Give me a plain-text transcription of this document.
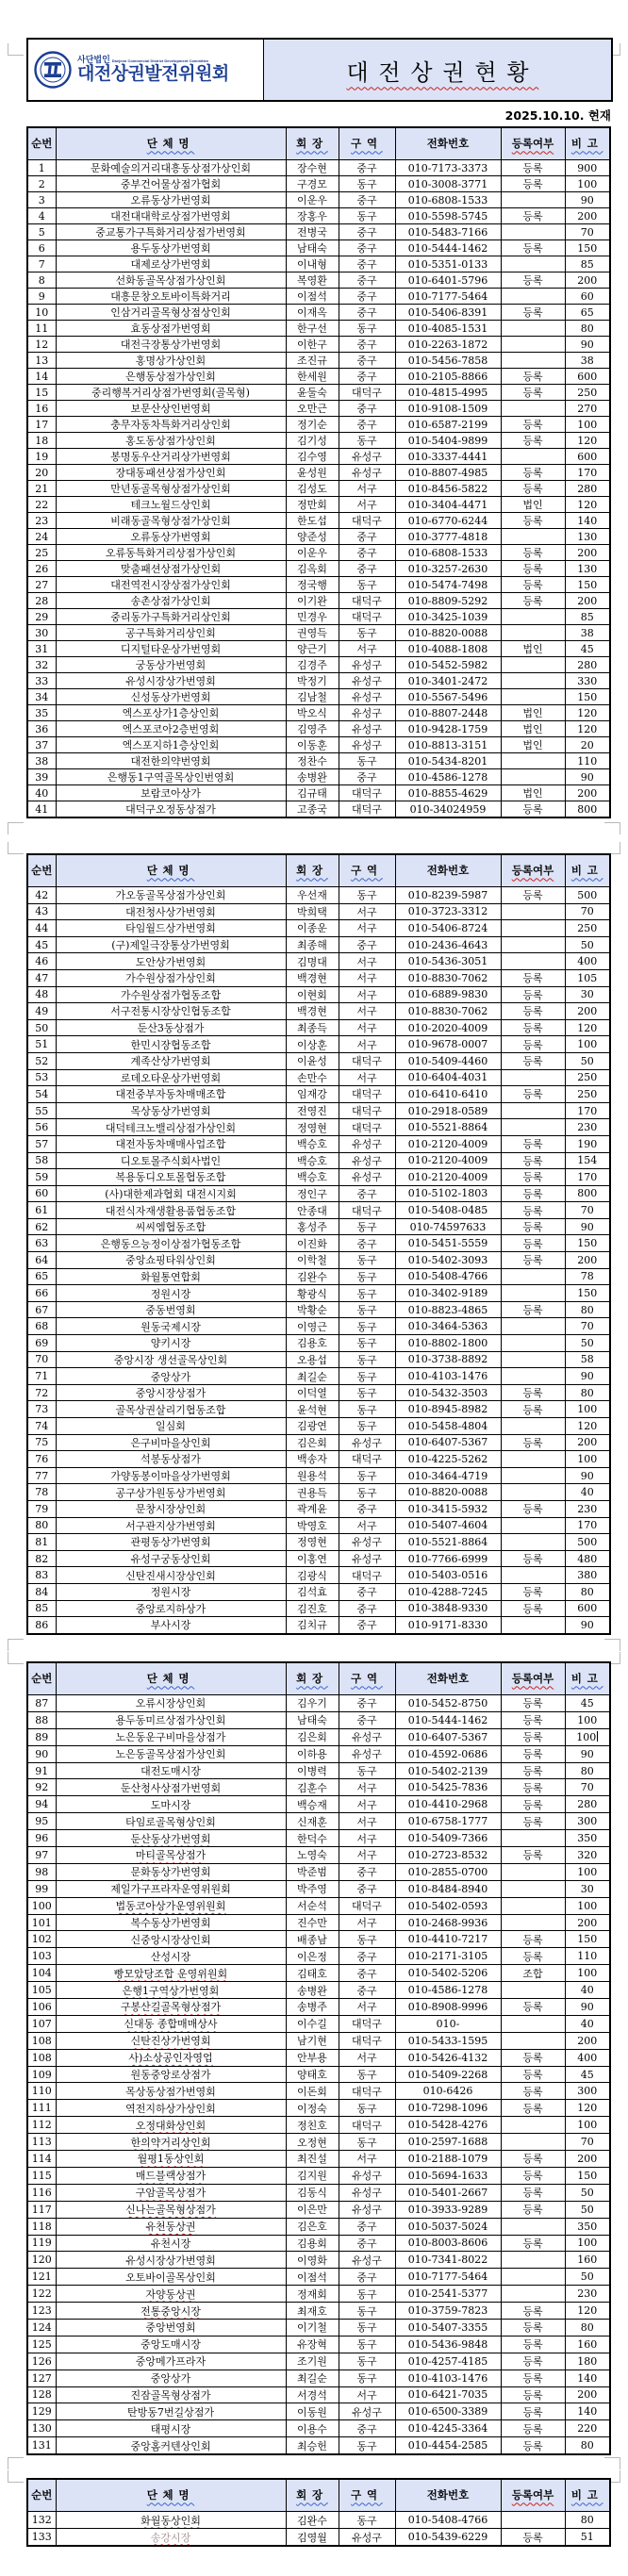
사단법인 Daejeon Commercial District Development Committee
대전상권발전위원회	대전상권현황
2025.10.10. 현재
순번	단체명	회장	구역	전화번호	등록여부	비고
1	문화예술의거리대흥동상점가상인회	장수현	중구	010-7173-3373	등록	900
2	중부건어물상점가협회	구경모	동구	010-3008-3771	등록	100
3	오류동상가번영회	이운우	중구	010-6808-1533		90
4	대전대대학로상점가번영회	장홍우	동구	010-5598-5745	등록	200
5	중교통가구특화거리상점가번영회	전병국	중구	010-5483-7166		70
6	용두동상가번영회	남태숙	중구	010-5444-1462	등록	150
7	대제로상가번영회	이내형	중구	010-5351-0133		85
8	선화동골목상점가상인회	복영환	중구	010-6401-5796	등록	200
9	대흥문창오토바이특화거리	이점석	중구	010-7177-5464		60
10	인삼거리골목형상점상인회	이재옥	중구	010-5406-8391	등록	65
11	효동상점가번영회	한구선	동구	010-4085-1531		80
12	대전극장통상가번영회	이한구	중구	010-2263-1872		90
13	홍명상가상인회	조진규	중구	010-5456-7858		38
14	은행동상점가상인회	한세원	중구	010-2105-8866	등록	600
15	중리행복거리상점가번영회(골목형)	윤둘숙	대덕구	010-4815-4995	등록	250
16	보문산상인번영회	오만근	중구	010-9108-1509		270
17	충무자동차특화거리상인회	정기순	중구	010-6587-2199	등록	100
18	홍도동상점가상인회	김기성	동구	010-5404-9899	등록	120
19	봉명동우산거리상가번영회	김수영	유성구	010-3337-4441		600
20	장대동패션상점가상인회	윤성원	유성구	010-8807-4985	등록	170
21	만년동골목형상점가상인회	김성도	서구	010-8456-5822	등록	280
22	테크노월드상인회	정만회	서구	010-3404-4471	법인	120
23	비래동골목형상점가상인회	한도섭	대덕구	010-6770-6244	등록	140
24	오류동상가번영회	양준성	중구	010-3777-4818		130
25	오류동특화거리상점가상인회	이운우	중구	010-6808-1533	등록	200
26	맞춤패션상점가상인회	김옥회	중구	010-3257-2630	등록	130
27	대전역전시장상점가상인회	정국행	동구	010-5474-7498	등록	150
28	송촌상점가상인회	이기완	대덕구	010-8809-5292	등록	200
29	중리동가구특화거리상인회	민경우	대덕구	010-3425-1039		85
30	공구특화거리상인회	권영득	동구	010-8820-0088		38
31	디지털타운상가번영회	양근기	서구	010-4088-1808	법인	45
32	궁동상가번영회	김경주	유성구	010-5452-5982		280
33	유성시장상가번영회	박정기	유성구	010-3401-2472		330
34	신성동상가번영회	김남철	유성구	010-5567-5496		150
35	엑스포상가1층상인회	박오식	유성구	010-8807-2448	법인	120
36	엑스포코아2층번영회	김영주	유성구	010-9428-1759	법인	120
37	엑스포지하1층상인회	이동훈	유성구	010-8813-3151	법인	20
38	대전한의약번영회	정찬수	동구	010-5434-8201		110
39	은행동1구역골목상인번영회	송병완	중구	010-4586-1278		90
40	보람코아상가	김규태	대덕구	010-8855-4629	법인	200
41	대덕구오정동상점가	고종국	대덕구	010-34024959	등록	800
순번	단체명	회장	구역	전화번호	등록여부	비고
42	가오동골목상점가상인회	우선재	동구	010-8239-5987	등록	500
43	대전청사상가번영회	박희택	서구	010-3723-3312		70
44	타임월드상가번영회	이종운	서구	010-5406-8724		250
45	(구)제일극장통상가번영회	최종해	중구	010-2436-4643		50
46	도안상가번영회	김명대	서구	010-5436-3051		400
47	가수원상점가상인회	백경현	서구	010-8830-7062	등록	105
48	가수원상점가협동조합	이현회	서구	010-6889-9830	등록	30
49	서구전통시장상인협동조합	백경현	서구	010-8830-7062	등록	200
50	둔산3동상점가	최종득	서구	010-2020-4009	등록	120
51	한민시장협동조합	이상훈	서구	010-9678-0007	등록	100
52	계족산상가번영회	이윤성	대덕구	010-5409-4460	등록	50
53	로데오타운상가번영회	손만수	서구	010-6404-4031		250
54	대전중부자동차매매조합	임재강	대덕구	010-6410-6410	등록	250
55	목상동상가번영회	전영진	대덕구	010-2918-0589		170
56	대덕테크노밸리상점가상인회	정영현	대덕구	010-5521-8864		230
57	대전자동차매매사업조합	백승호	유성구	010-2120-4009	등록	190
58	디오토몰주식회사법인	백승호	유성구	010-2120-4009	등록	154
59	복용동디오토몰협동조합	백승호	유성구	010-2120-4009	등록	170
60	(사)대한제과협회 대전시지회	정인구	중구	010-5102-1803	등록	800
61	대전식자재생활용품협동조합	안종대	대덕구	010-5408-0485	등록	70
62	씨씨엠협동조합	홍성주	동구	010-74597633	등록	90
63	은행동으능정이상점가협동조합	이진화	중구	010-5451-5559	등록	150
64	중앙쇼핑타워상인회	이학철	동구	010-5402-3093	등록	200
65	화월통연합회	김완수	동구	010-5408-4766		78
66	정원시장	황광식	동구	010-3402-9189		150
67	중동번영회	박황순	동구	010-8823-4865	등록	80
68	원동국제시장	이영근	동구	010-3464-5363		70
69	양키시장	김용호	동구	010-8802-1800		50
70	중앙시장 생선골목상인회	오용섭	동구	010-3738-8892		58
71	중앙상가	최길순	동구	010-4103-1476		90
72	중앙시장상점가	이덕열	동구	010-5432-3503	등록	80
73	골목상권살리기협동조합	윤석현	동구	010-8945-8982	등록	100
74	일심회	김광연	동구	010-5458-4804		120
75	은구비마을상인회	김은회	유성구	010-6407-5367	등록	200
76	석봉동상점가	백송자	대덕구	010-4225-5262		100
77	가양동봉이마을상가번영회	원용석	동구	010-3464-4719		90
78	공구상가원동상가번영회	권용득	동구	010-8820-0088		40
79	문창시장상인회	곽계윤	중구	010-3415-5932	등록	230
80	서구관지상가번영회	박영호	서구	010-5407-4604		170
81	관평동상가번영회	정영현	유성구	010-5521-8864		500
82	유성구궁동상인회	이홍연	유성구	010-7766-6999	등록	480
83	신탄진새시장상인회	김광식	대덕구	010-5403-0516		380
84	정원시장	김석효	중구	010-4288-7245	등록	80
85	중앙로지하상가	김진호	중구	010-3848-9330	등록	600
86	부사시장	김치규	중구	010-9171-8330		90
순번	단체명	회장	구역	전화번호	등록여부	비고
87	오류시장상인회	김우기	중구	010-5452-8750	등록	45
88	용두동미르상점가상인회	남태숙	중구	010-5444-1462	등록	100
89	노은동운구비마을상점가	김은회	유성구	010-6407-5367	등록	100
90	노은동골목상점가상인회	이하용	유성구	010-4592-0686	등록	90
91	대전도매시장	이병력	동구	010-5402-2139	등록	80
92	둔산청사상점가번영회	김훈수	서구	010-5425-7836	등록	70
94	도마시장	백승재	서구	010-4410-2968	등록	280
95	타임로골목형상인회	신재훈	서구	010-6758-1777	등록	300
96	둔산동상가번영회	한덕수	서구	010-5409-7366		350
97	마티골목상점가	노영숙	서구	010-2723-8532	등록	320
98	문화동상가번영회	박준범	중구	010-2855-0700		100
99	제일가구프라자운영위원회	박주영	중구	010-8484-8940		30
100	법동코아상가운영위원회	서순석	대덕구	010-5402-0593		100
101	복수동상가번영회	진수만	서구	010-2468-9936		200
102	신중앙시장상인회	배종남	동구	010-4410-7217	등록	150
103	산성시장	이은정	중구	010-2171-3105	등록	110
104	빵모았당조합 운영위원회	김태호	중구	010-5402-5206	조합	100
105	은행1구역상가번영회	송병완	중구	010-4586-1278		40
106	구봉산길골목형상점가	송병주	서구	010-8908-9996	등록	90
107	신대동 종합매매상사	이수길	대덕구	010-		40
108	신탄진상가번영회	남기현	대덕구	010-5433-1595		200
108	사)소상공인자영업	안부용	서구	010-5426-4132	등록	400
109	원동중앙로상점가	양태호	동구	010-5409-2268	등록	45
110	목상동상점가번영회	이돈회	대덕구	010-6426	등록	300
111	역전지하상가상인회	이정숙	동구	010-7298-1096	등록	120
112	오정대화상인회	정친호	대덕구	010-5428-4276		100
113	한의약거리상인회	오정현	동구	010-2597-1688		70
114	월평1동상인회	최진설	서구	010-2188-1079	등록	200
115	매드블랙상점가	김지원	유성구	010-5694-1633	등록	150
116	구암골목상점가	김동식	유성구	010-5401-2667	등록	50
117	신나는골목형상점가	이은만	유성구	010-3933-9289	등록	50
118	유천동상권	김은호	중구	010-5037-5024		350
119	유천시장	김용회	중구	010-8003-8606	등록	100
120	유성시장상가번영회	이영화	유성구	010-7341-8022		160
121	오토바이골목상인회	이점석	중구	010-7177-5464		50
122	자양동상권	정재회	동구	010-2541-5377		230
123	전통중앙시장	최재호	동구	010-3759-7823	등록	120
124	중앙번영회	이기철	동구	010-5407-3355	등록	80
125	중앙도매시장	유장혁	동구	010-5436-9848	등록	160
126	중앙메가프라자	조기원	동구	010-4257-4185	등록	180
127	중앙상가	최길순	동구	010-4103-1476	등록	140
128	진잠골목형상점가	서경석	서구	010-6421-7035	등록	200
129	탄방동7번길상점가	이동원	유성구	010-6500-3389	등록	140
130	태평시장	이용수	중구	010-4245-3364	등록	220
131	중앙홈커텐상인회	최승헌	동구	010-4454-2585	등록	80
순번	단체명	회장	구역	전화번호	등록여부	비고
132	화월동상인회	김완수	동구	010-5408-4766		80
133	송강시장	김영월	유성구	010-5439-6229	등록	51
